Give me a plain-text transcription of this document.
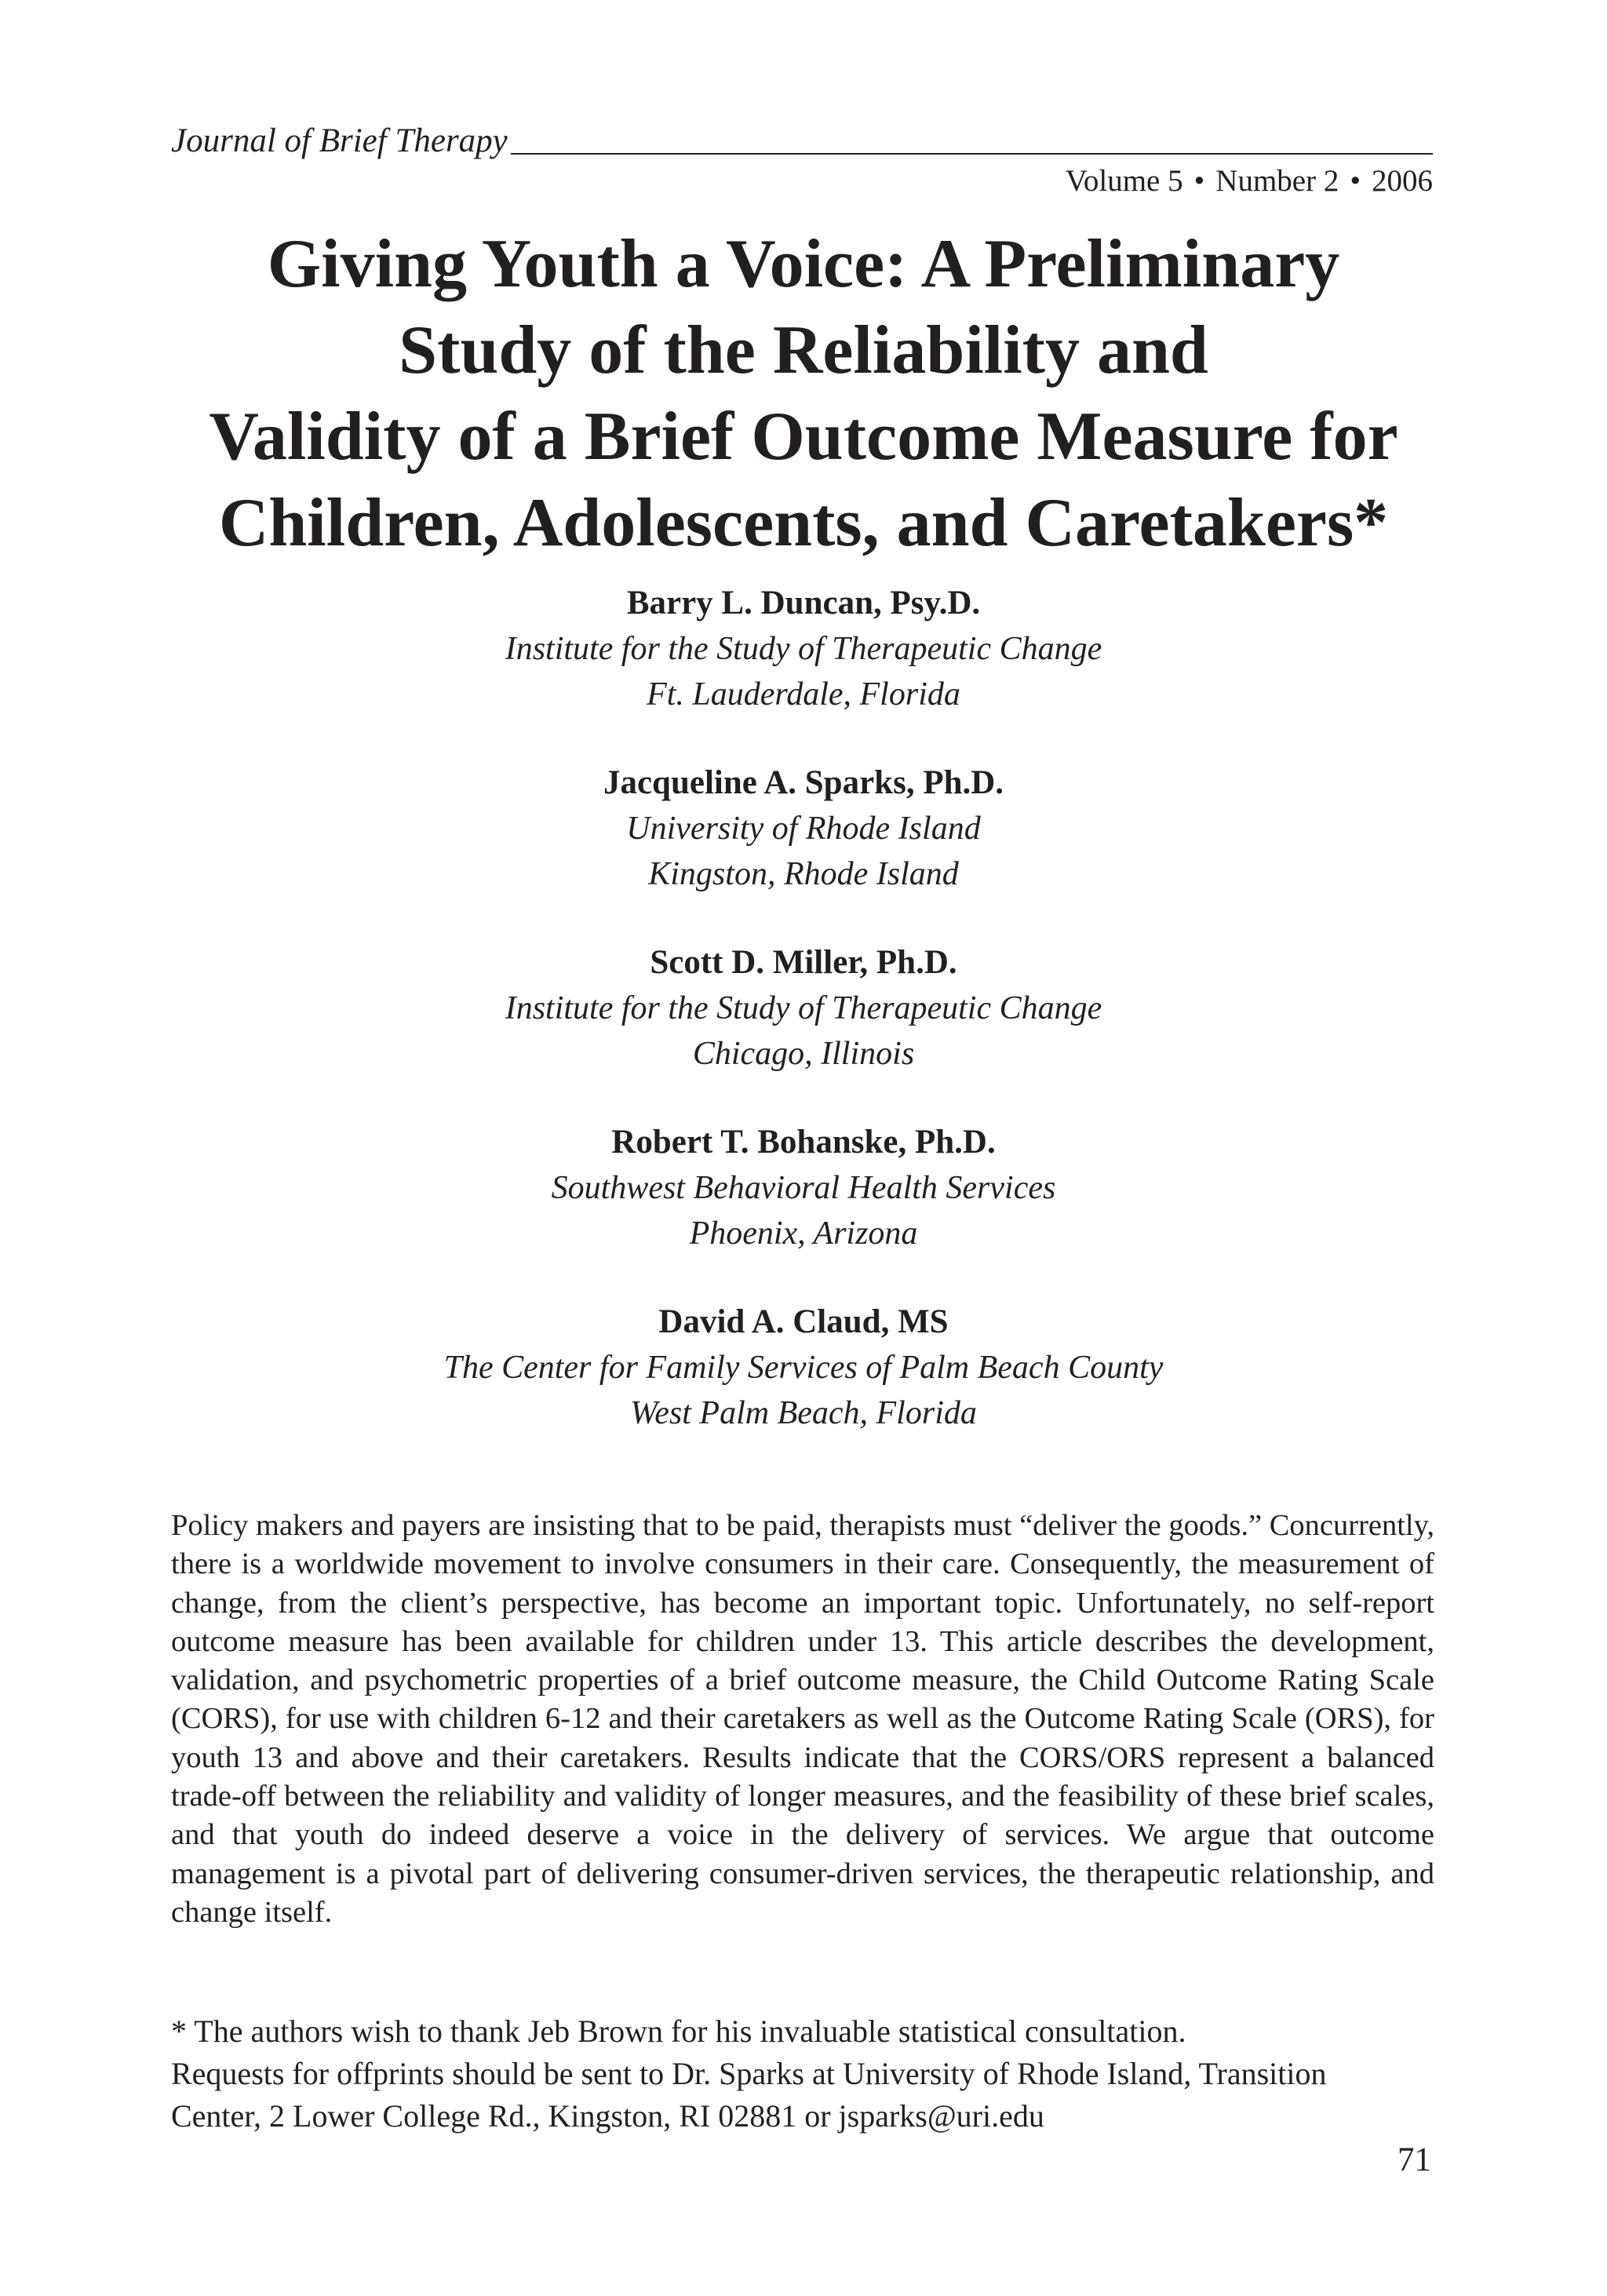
Journal of Brief Therapy
Volume 5 • Number 2 • 2006
Giving Youth a Voice: A Preliminary
Study of the Reliability and
Validity of a Brief Outcome Measure for
Children, Adolescents, and Caretakers*
Barry L. Duncan, Psy.D.
Institute for the Study of Therapeutic Change
Ft. Lauderdale, Florida
Jacqueline A. Sparks, Ph.D.
University of Rhode Island
Kingston, Rhode Island
Scott D. Miller, Ph.D.
Institute for the Study of Therapeutic Change
Chicago, Illinois
Robert T. Bohanske, Ph.D.
Southwest Behavioral Health Services
Phoenix, Arizona
David A. Claud, MS
The Center for Family Services of Palm Beach County
West Palm Beach, Florida

Policy makers and payers are insisting that to be paid, therapists must “deliver the goods.” Concurrently, there is a worldwide movement to involve consumers in their care. Consequently, the measurement of change, from the client’s perspective, has become an important topic. Unfortunately, no self-report outcome measure has been available for children under 13. This article describes the development, validation, and psychometric properties of a brief outcome measure, the Child Outcome Rating Scale (CORS), for use with children 6-12 and their caretakers as well as the Outcome Rating Scale (ORS), for youth 13 and above and their caretakers. Results indicate that the CORS/ORS represent a balanced trade-off between the reliability and validity of longer measures, and the feasibility of these brief scales, and that youth do indeed deserve a voice in the delivery of services. We argue that outcome management is a pivotal part of delivering consumer-driven services, the therapeutic relationship, and change itself.

* The authors wish to thank Jeb Brown for his invaluable statistical consultation.
Requests for offprints should be sent to Dr. Sparks at University of Rhode Island, Transition
Center, 2 Lower College Rd., Kingston, RI 02881 or jsparks@uri.edu
71
